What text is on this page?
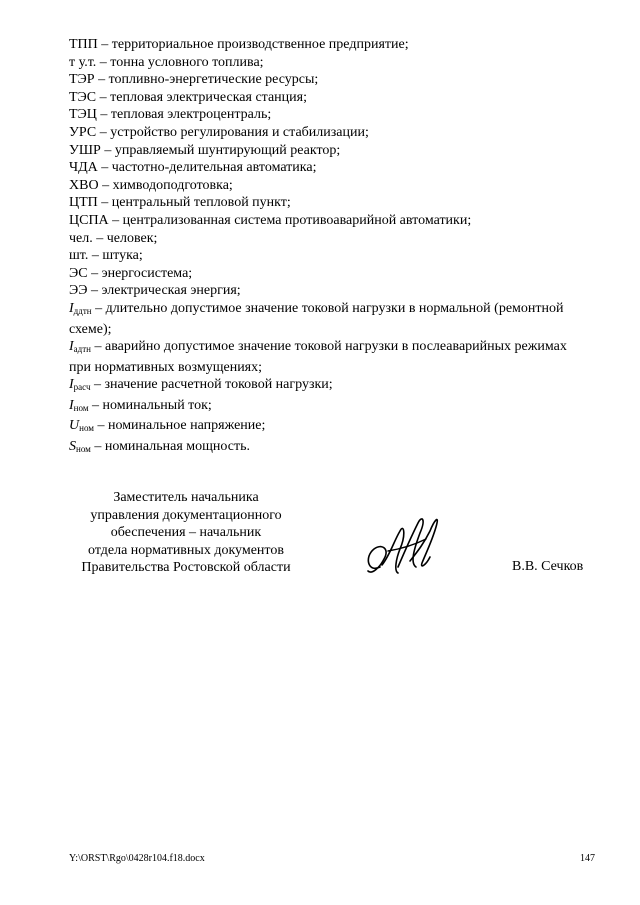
ТПП – территориальное производственное предприятие;
т у.т. – тонна условного топлива;
ТЭР – топливно-энергетические ресурсы;
ТЭС – тепловая электрическая станция;
ТЭЦ – тепловая электроцентраль;
УРС – устройство регулирования и стабилизации;
УШР – управляемый шунтирующий реактор;
ЧДА – частотно-делительная автоматика;
ХВО – химводоподготовка;
ЦТП – центральный тепловой пункт;
ЦСПА – централизованная система противоаварийной автоматики;
чел. – человек;
шт. – штука;
ЭС – энергосистема;
ЭЭ – электрическая энергия;
$I_{ддтн}$ – длительно допустимое значение токовой нагрузки в нормальной (ремонтной схеме);
$I_{адтн}$ – аварийно допустимое значение токовой нагрузки в послеаварийных режимах при нормативных возмущениях;
$I_{расч}$ – значение расчетной токовой нагрузки;
$I_{ном}$ – номинальный ток;
$U_{ном}$ – номинальное напряжение;
$S_{ном}$ – номинальная мощность.
Заместитель начальника
управления документационного
обеспечения – начальник
отдела нормативных документов
Правительства Ростовской области	В.В. Сечков
Y:\ORST\Rgo\0428r104.f18.docx	147
